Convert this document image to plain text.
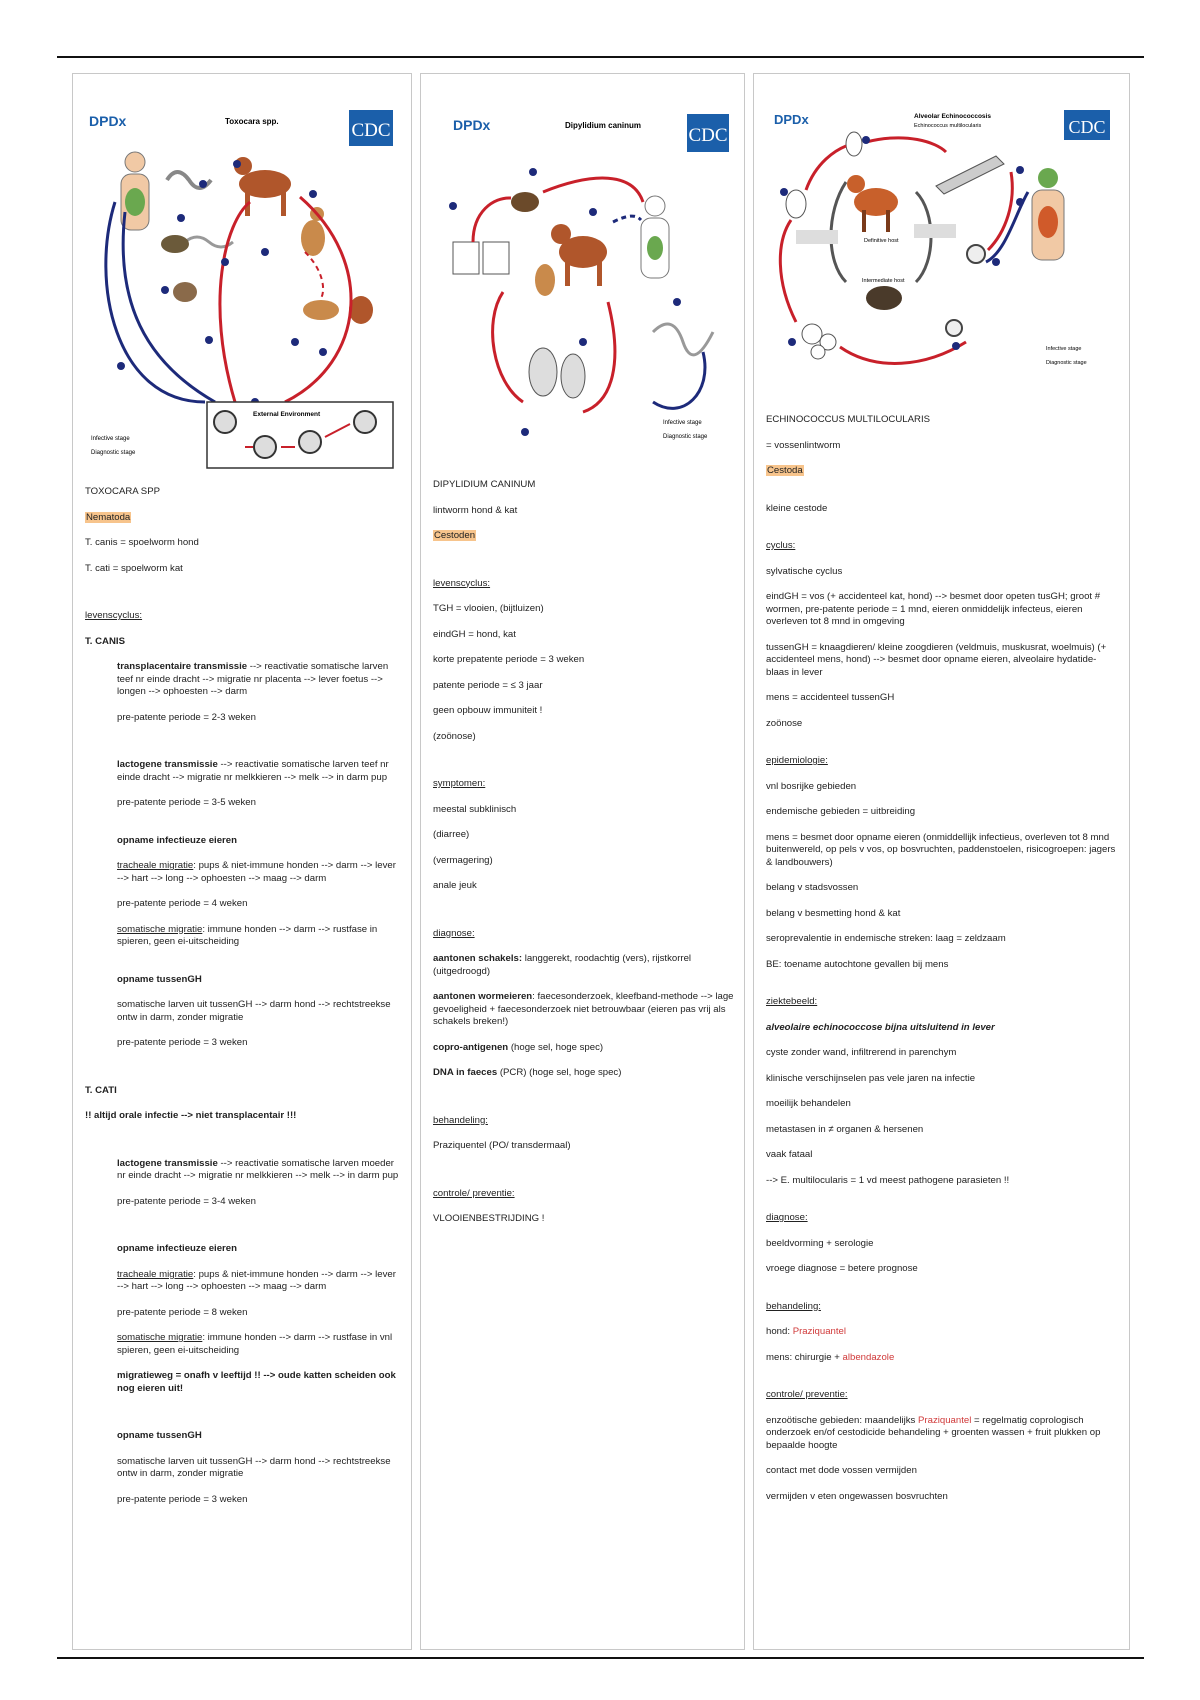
DPDx	Toxocara spp.	CDC
External Environment
Infective stage
Diagnostic stage

TOXOCARA SPP

Nematoda

T. canis = spoelworm hond

T. cati = spoelworm kat

levenscyclus:

T. CANIS

transplacentaire transmissie --> reactivatie somatische larven teef nr einde dracht --> migratie nr placenta --> lever foetus --> longen --> ophoesten --> darm

pre-patente periode = 2-3 weken

lactogene transmissie --> reactivatie somatische larven teef nr einde dracht --> migratie nr melkkieren --> melk --> in darm pup

pre-patente periode = 3-5 weken

opname infectieuze eieren

tracheale migratie: pups & niet-immune honden --> darm --> lever --> hart --> long --> ophoesten --> maag --> darm

pre-patente periode = 4 weken

somatische migratie: immune honden --> darm --> rustfase in spieren, geen ei-uitscheiding

opname tussenGH

somatische larven uit tussenGH --> darm hond --> rechtstreekse ontw in darm, zonder migratie

pre-patente periode = 3 weken

T. CATI

!! altijd orale infectie --> niet transplacentair !!!

lactogene transmissie --> reactivatie somatische larven moeder nr einde dracht --> migratie nr melkkieren --> melk --> in darm pup

pre-patente periode = 3-4 weken

opname infectieuze eieren

tracheale migratie: pups & niet-immune honden --> darm --> lever --> hart --> long --> ophoesten --> maag --> darm

pre-patente periode = 8 weken

somatische migratie: immune honden --> darm --> rustfase in vnl spieren, geen ei-uitscheiding

migratieweg = onafh v leeftijd !! --> oude katten scheiden ook nog eieren uit!

opname tussenGH

somatische larven uit tussenGH --> darm hond --> rechtstreekse ontw in darm, zonder migratie

pre-patente periode = 3 weken

DPDx	Dipylidium caninum CDC
Infective stage
Diagnostic stage

DIPYLIDIUM CANINUM

lintworm hond & kat

Cestoden

levenscyclus:

TGH = vlooien, (bijtluizen)

eindGH = hond, kat

korte prepatente periode = 3 weken

patente periode = ≤ 3 jaar

geen opbouw immuniteit !

(zoönose)

symptomen:

meestal subklinisch

(diarree)

(vermagering)

anale jeuk

diagnose:

aantonen schakels: langgerekt, roodachtig (vers), rijstkorrel (uitgedroogd)

aantonen wormeieren: faecesonderzoek, kleefband-methode --> lage gevoeligheid + faecesonderzoek niet betrouwbaar (eieren pas vrij als schakels breken!)

copro-antigenen (hoge sel, hoge spec)

DNA in faeces (PCR) (hoge sel, hoge spec)

behandeling:

Praziquentel (PO/ transdermaal)

controle/ preventie:

VLOOIENBESTRIJDING !

DPDx	Alveolar Echinococcosis
Echinococcus multilocularis	CDC
Definitive host
Intermediate host
Infective stage
Diagnostic stage

ECHINOCOCCUS MULTILOCULARIS

= vossenlintworm

Cestoda

kleine cestode

cyclus:

sylvatische cyclus

eindGH = vos (+ accidenteel kat, hond) --> besmet door opeten tusGH; groot # wormen, pre-patente periode = 1 mnd, eieren onmiddelijk infecteus, eieren overleven tot 8 mnd in omgeving

tussenGH = knaagdieren/ kleine zoogdieren (veldmuis, muskusrat, woelmuis) (+ accidenteel mens, hond) --> besmet door opname eieren, alveolaire hydatide-blaas in lever

mens = accidenteel tussenGH

zoönose

epidemiologie:

vnl bosrijke gebieden

endemische gebieden = uitbreiding

mens = besmet door opname eieren (onmiddellijk infectieus, overleven tot 8 mnd buitenwereld, op pels v vos, op bosvruchten, paddenstoelen, risicogroepen: jagers & landbouwers)

belang v stadsvossen

belang v besmetting hond & kat

seroprevalentie in endemische streken: laag = zeldzaam

BE: toename autochtone gevallen bij mens

ziektebeeld:

alveolaire echinococcose bijna uitsluitend in lever

cyste zonder wand, infiltrerend in parenchym

klinische verschijnselen pas vele jaren na infectie

moeilijk behandelen

metastasen in ≠ organen & hersenen

vaak fataal

--> E. multilocularis = 1 vd meest pathogene parasieten !!

diagnose:

beeldvorming + serologie

vroege diagnose = betere prognose

behandeling:

hond: Praziquantel

mens: chirurgie + albendazole

controle/ preventie:

enzoötische gebieden: maandelijks Praziquantel = regelmatig coprologisch onderzoek en/of cestodicide behandeling + groenten wassen + fruit plukken op bepaalde hoogte

contact met dode vossen vermijden

vermijden v eten ongewassen bosvruchten
